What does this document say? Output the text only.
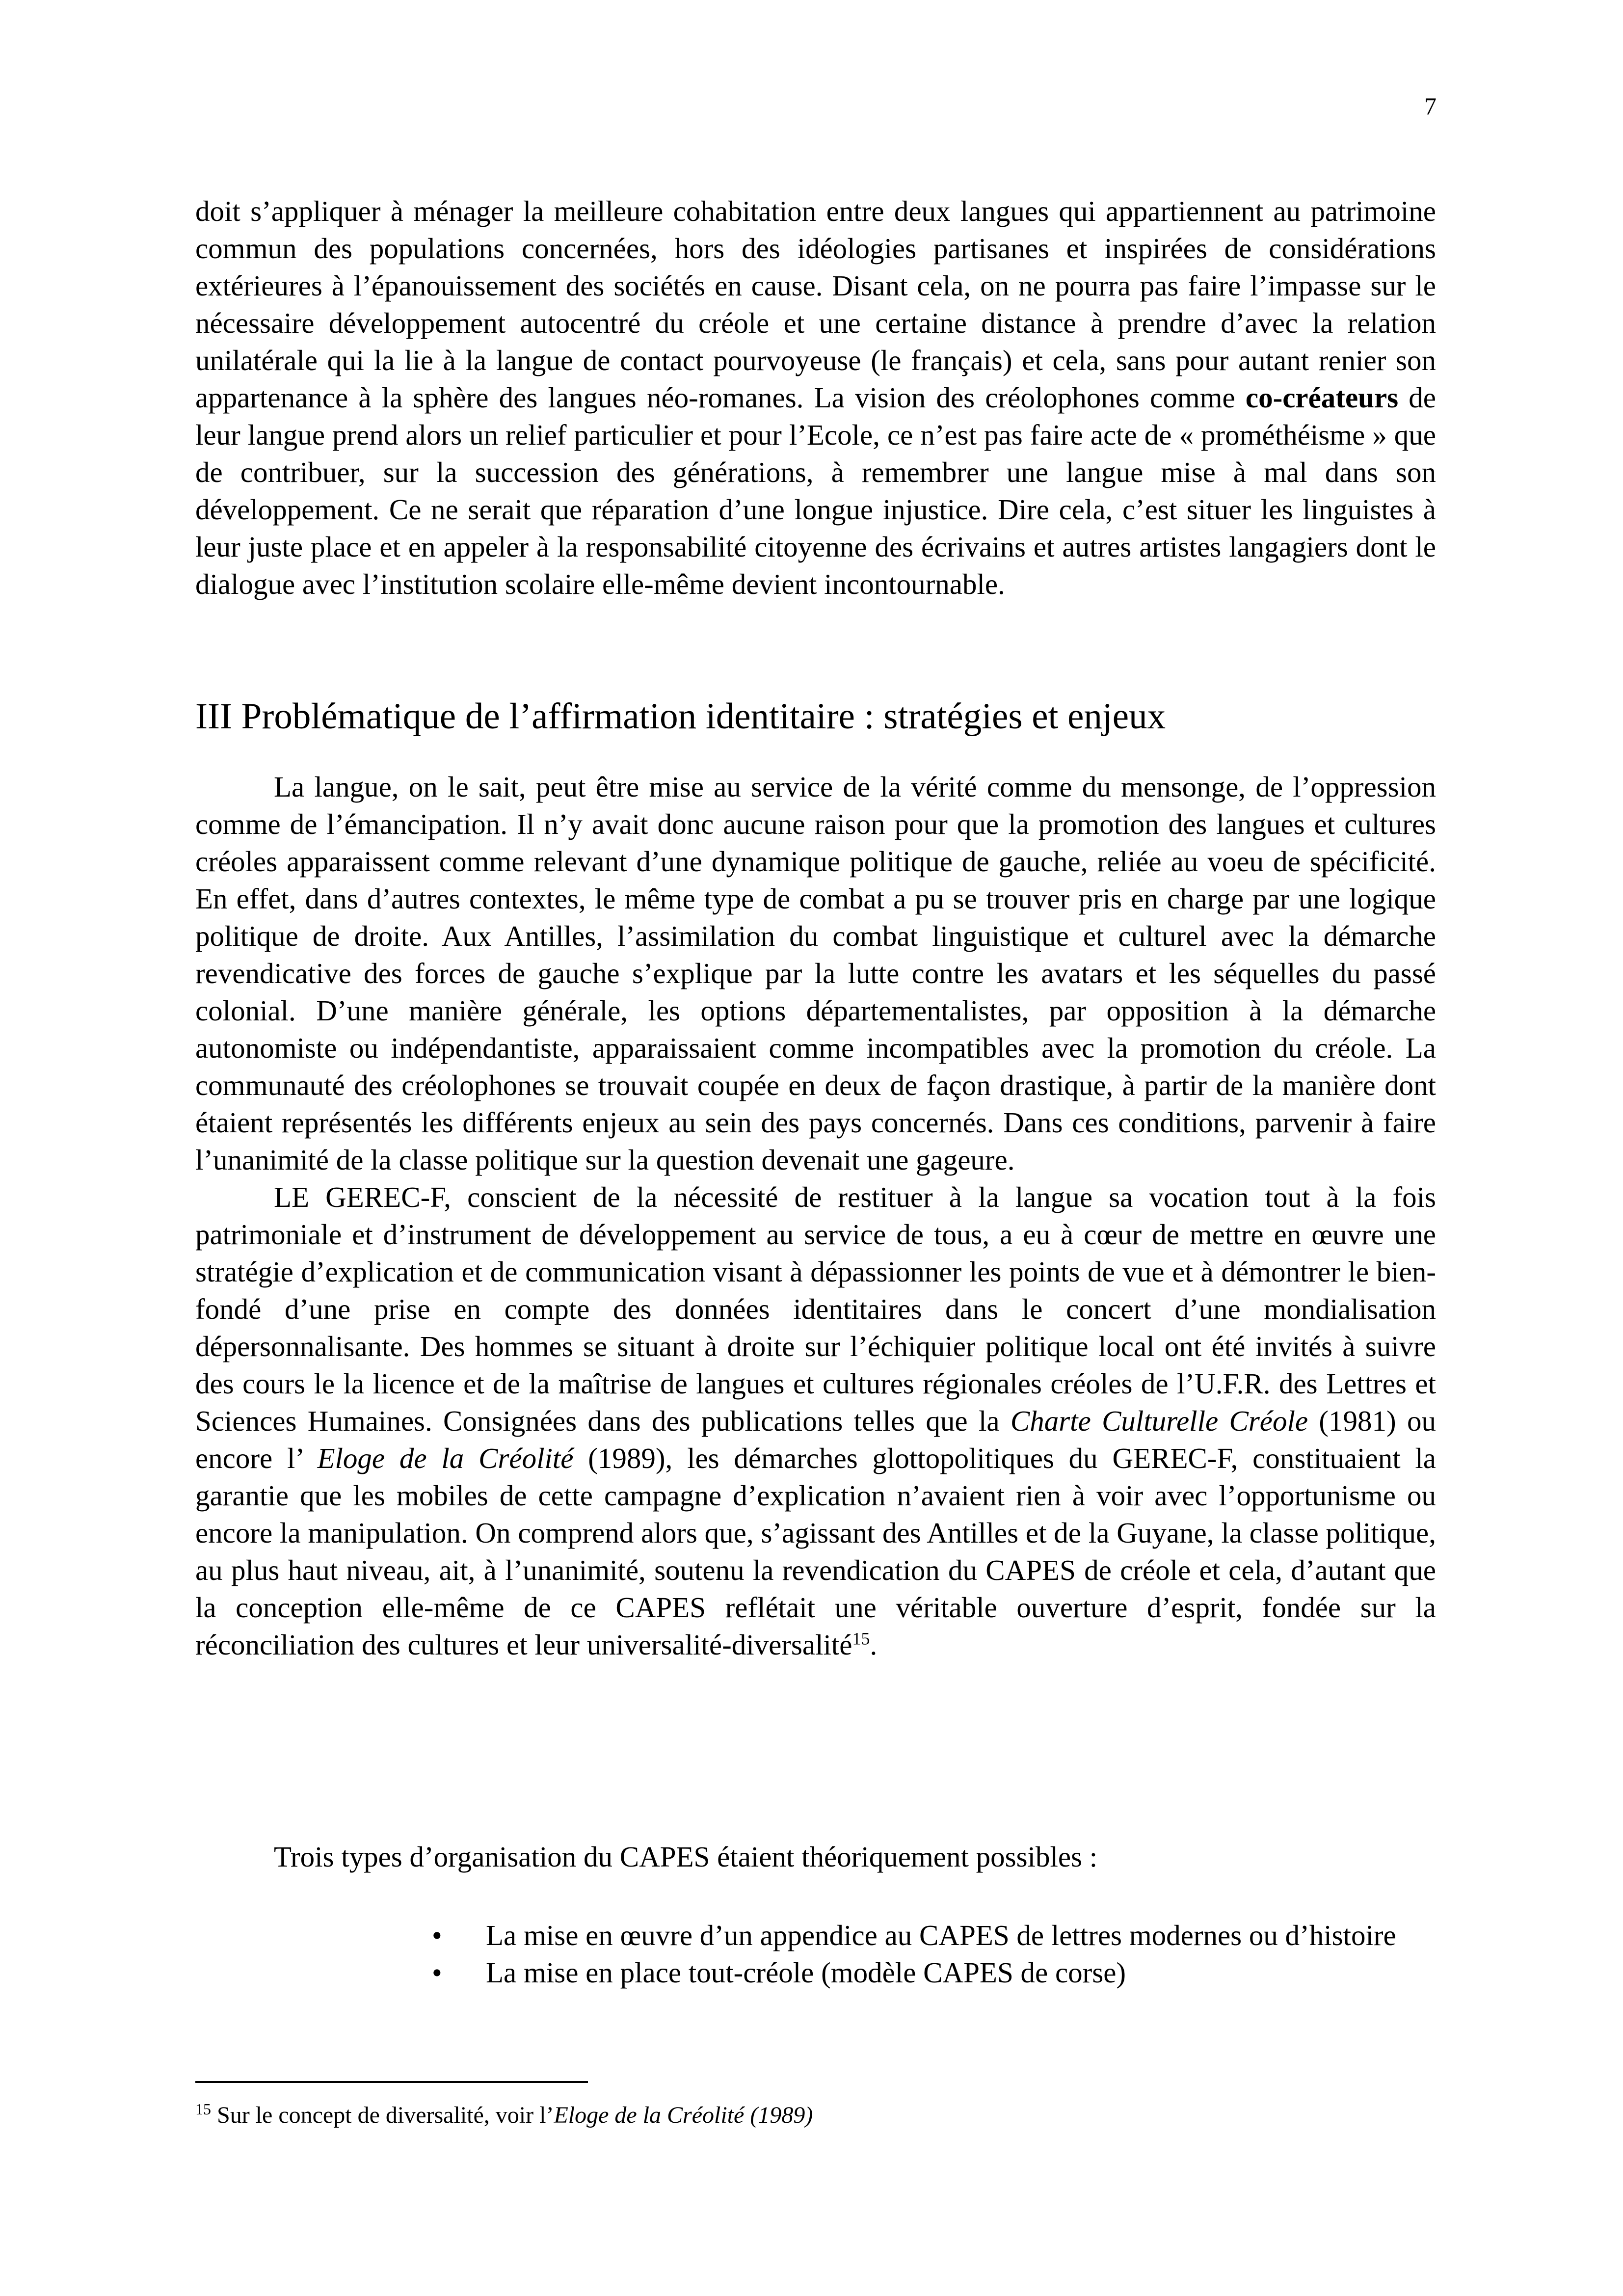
7

doit s’appliquer à ménager la meilleure cohabitation entre deux langues qui appartiennent au patrimoine commun des populations concernées, hors des idéologies partisanes et inspirées de considérations extérieures à l’épanouissement des sociétés en cause. Disant cela, on ne pourra pas faire l’impasse sur le nécessaire développement autocentré du créole et une certaine distance à prendre d’avec la relation unilatérale qui la lie à la langue de contact pourvoyeuse (le français) et cela, sans pour autant renier son appartenance à la sphère des langues néo-romanes. La vision des créolophones comme co-créateurs de leur langue prend alors un relief particulier et pour l’Ecole, ce n’est pas faire acte de « prométhéisme » que de contribuer, sur la succession des générations, à remembrer une langue mise à mal dans son développement. Ce ne serait que réparation d’une longue injustice. Dire cela, c’est situer les linguistes à leur juste place et en appeler à la responsabilité citoyenne des écrivains et autres artistes langagiers dont le dialogue avec l’institution scolaire elle-même devient incontournable.

III Problématique de l’affirmation identitaire : stratégies et enjeux

La langue, on le sait, peut être mise au service de la vérité comme du mensonge, de l’oppression comme de l’émancipation. Il n’y avait donc aucune raison pour que la promotion des langues et cultures créoles apparaissent comme relevant d’une dynamique politique de gauche, reliée au voeu de spécificité. En effet, dans d’autres contextes, le même type de combat a pu se trouver pris en charge par une logique politique de droite. Aux Antilles, l’assimilation du combat linguistique et culturel avec la démarche revendicative des forces de gauche s’explique par la lutte contre les avatars et les séquelles du passé colonial. D’une manière générale, les options départementalistes, par opposition à la démarche autonomiste ou indépendantiste, apparaissaient comme incompatibles avec la promotion du créole. La communauté des créolophones se trouvait coupée en deux de façon drastique, à partir de la manière dont étaient représentés les différents enjeux au sein des pays concernés. Dans ces conditions, parvenir à faire l’unanimité de la classe politique sur la question devenait une gageure.

LE GEREC-F, conscient de la nécessité de restituer à la langue sa vocation tout à la fois patrimoniale et d’instrument de développement au service de tous, a eu à cœur de mettre en œuvre une stratégie d’explication et de communication visant à dépassionner les points de vue et à démontrer le bien-fondé d’une prise en compte des données identitaires dans le concert d’une mondialisation dépersonnalisante. Des hommes se situant à droite sur l’échiquier politique local ont été invités à suivre des cours le la licence et de la maîtrise de langues et cultures régionales créoles de l’U.F.R. des Lettres et Sciences Humaines. Consignées dans des publications telles que la Charte Culturelle Créole (1981) ou encore l’ Eloge de la Créolité (1989), les démarches glottopolitiques du GEREC-F, constituaient la garantie que les mobiles de cette campagne d’explication n’avaient rien à voir avec l’opportunisme ou encore la manipulation. On comprend alors que, s’agissant des Antilles et de la Guyane, la classe politique, au plus haut niveau, ait, à l’unanimité, soutenu la revendication du CAPES de créole et cela, d’autant que la conception elle-même de ce CAPES reflétait une véritable ouverture d’esprit, fondée sur la réconciliation des cultures et leur universalité-diversalité$^{15}$.

Trois types d’organisation du CAPES étaient théoriquement possibles :

• La mise en œuvre d’un appendice au CAPES de lettres modernes ou d’histoire
• La mise en place tout-créole (modèle CAPES de corse)
$^{15}$ Sur le concept de diversalité, voir l’Eloge de la Créolité (1989)
